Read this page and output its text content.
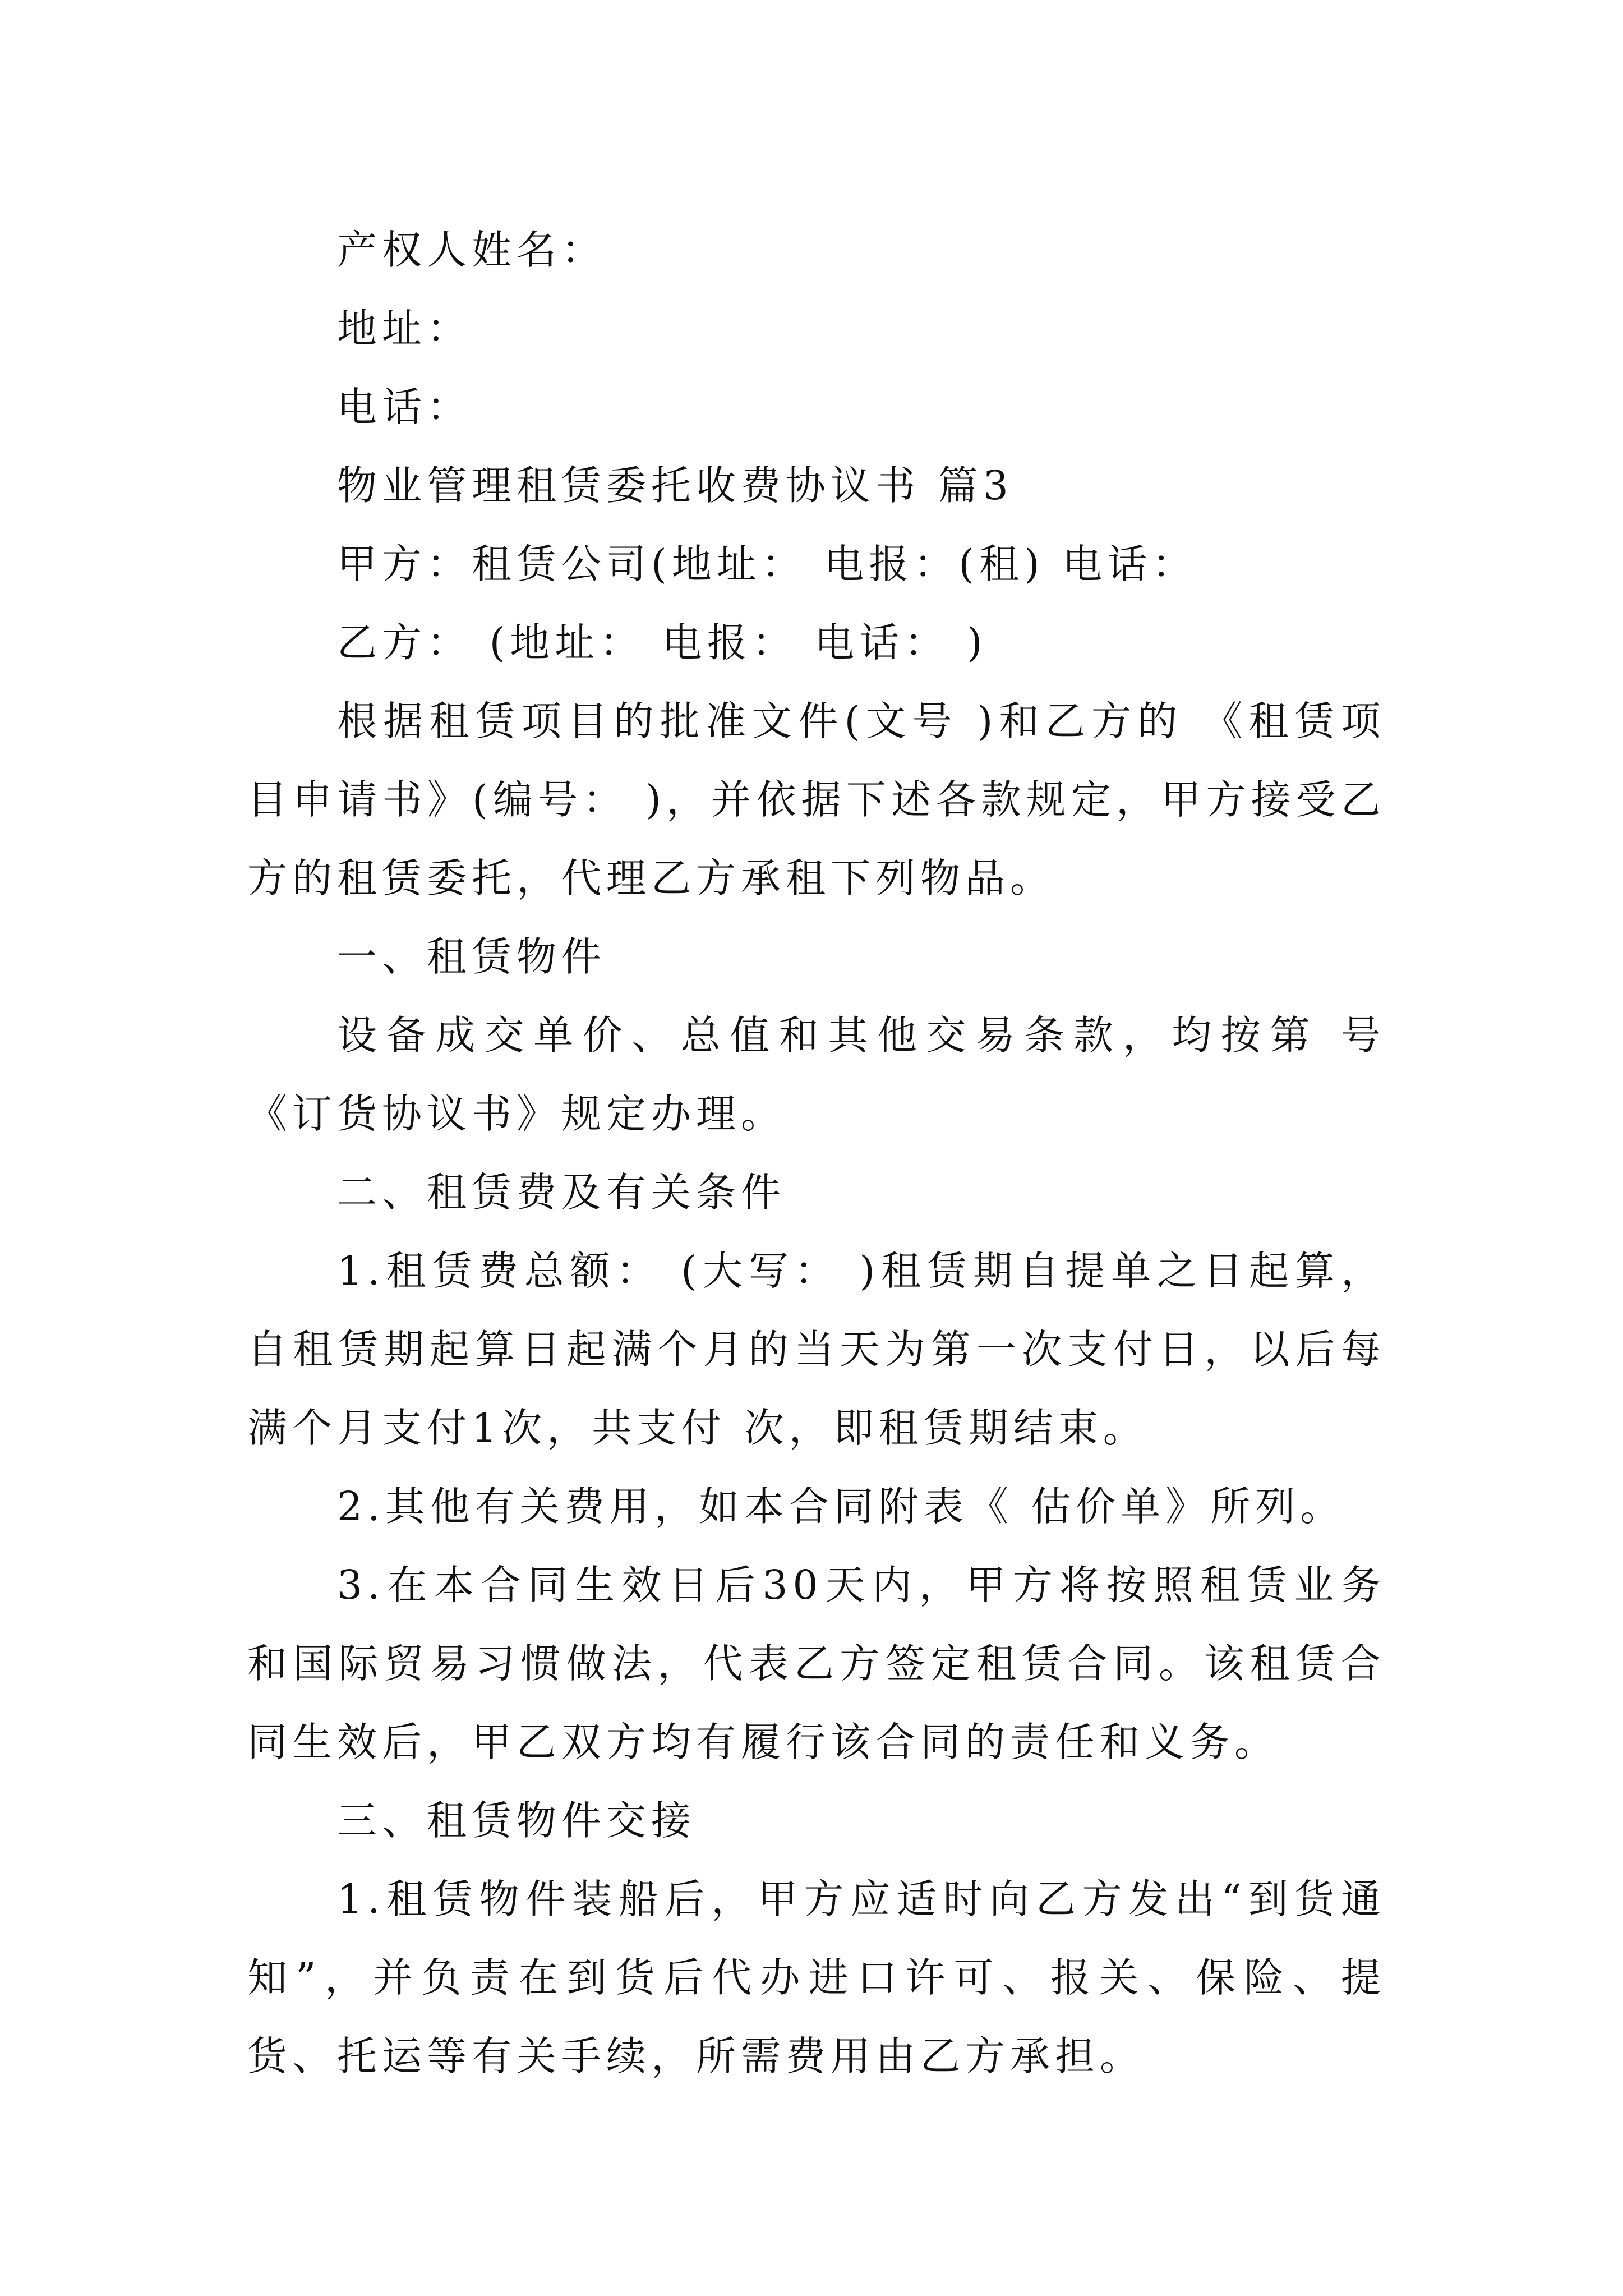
产权人姓名：

地址：

电话：

物业管理租赁委托收费协议书 篇3

甲方：租赁公司(地址： 电报：(租) 电话：

乙方： (地址： 电报： 电话： )

根据租赁项目的批准文件(文号 )和乙方的 《租赁项目申请书》(编号： )，并依据下述各款规定，甲方接受乙方的租赁委托，代理乙方承租下列物品。

一、租赁物件

设备成交单价、总值和其他交易条款，均按第 号《订货协议书》规定办理。

二、租赁费及有关条件

1.租赁费总额： (大写： )租赁期自提单之日起算，自租赁期起算日起满个月的当天为第一次支付日，以后每满个月支付1次，共支付 次，即租赁期结束。

2.其他有关费用，如本合同附表《 估价单》所列。

3.在本合同生效日后30天内，甲方将按照租赁业务和国际贸易习惯做法，代表乙方签定租赁合同。该租赁合同生效后，甲乙双方均有履行该合同的责任和义务。

三、租赁物件交接

1.租赁物件装船后，甲方应适时向乙方发出“到货通知”，并负责在到货后代办进口许可、报关、保险、提货、托运等有关手续，所需费用由乙方承担。
